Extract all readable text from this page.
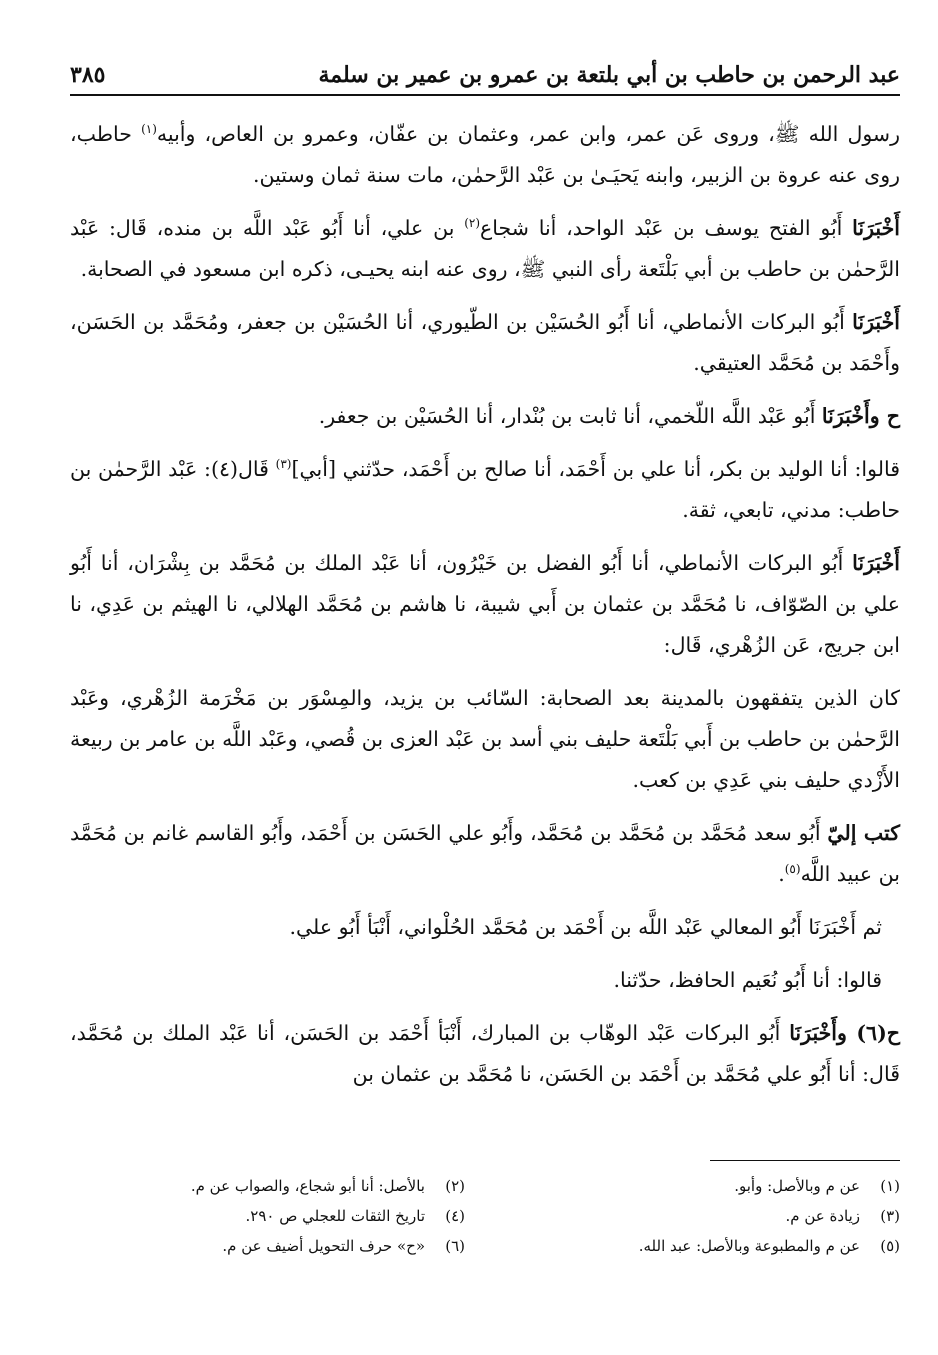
عبد الرحمن بن حاطب بن أبي بلتعة بن عمرو بن عمير بن سلمة
٣٨٥

رسول الله ﷺ، وروى عَن عمر، وابن عمر، وعثمان بن عفّان، وعمرو بن العاص، وأبيه$^{(١)}$ حاطب، روى عنه عروة بن الزبير، وابنه يَحيَـىٰ بن عَبْد الرَّحمٰن، مات سنة ثمان وستين.

أَخْبَرَنَا أَبُو الفتح يوسف بن عَبْد الواحد، أنا شجاع$^{(٢)}$ بن علي، أنا أَبُو عَبْد اللَّه بن منده، قَال: عَبْد الرَّحمٰن بن حاطب بن أبي بَلْتَعة رأى النبي ﷺ، روى عنه ابنه يحيـى، ذكره ابن مسعود في الصحابة.

أَخْبَرَنَا أَبُو البركات الأنماطي، أنا أَبُو الحُسَيْن بن الطّيوري، أنا الحُسَيْن بن جعفر، ومُحَمَّد بن الحَسَن، وأَحْمَد بن مُحَمَّد العتيقي.

ح وأَخْبَرَنَا أَبُو عَبْد اللَّه اللّخمي، أنا ثابت بن بُنْدار، أنا الحُسَيْن بن جعفر.

قالوا: أنا الوليد بن بكر، أنا علي بن أَحْمَد، أنا صالح بن أَحْمَد، حدّثني [أبي]$^{(٣)}$ قَال(٤): عَبْد الرَّحمٰن بن حاطب: مدني، تابعي، ثقة.

أَخْبَرَنَا أَبُو البركات الأنماطي، أنا أَبُو الفضل بن خَيْرُون، أنا عَبْد الملك بن مُحَمَّد بن بِشْرَان، أنا أَبُو علي بن الصّوّاف، نا مُحَمَّد بن عثمان بن أَبي شيبة، نا هاشم بن مُحَمَّد الهلالي، نا الهيثم بن عَدِي، نا ابن جريج، عَن الزُهْري، قَال:

كان الذين يتفقهون بالمدينة بعد الصحابة: السّائب بن يزيد، والمِسْوَر بن مَخْرَمة الزُهْري، وعَبْد الرَّحمٰن بن حاطب بن أَبي بَلْتَعة حليف بني أسد بن عَبْد العزى بن قُصي، وعَبْد اللَّه بن عامر بن ربيعة الأَزْدي حليف بني عَدِي بن كعب.

كتب إليّ أَبُو سعد مُحَمَّد بن مُحَمَّد بن مُحَمَّد، وأَبُو علي الحَسَن بن أَحْمَد، وأَبُو القاسم غانم بن مُحَمَّد بن عبيد اللَّه$^{(٥)}$.

ثم أَخْبَرَنَا أَبُو المعالي عَبْد اللَّه بن أَحْمَد بن مُحَمَّد الحُلْواني، أَنْبَأ أَبُو علي.

قالوا: أنا أَبُو نُعَيم الحافظ، حدّثنا.

ح(٦) وأَخْبَرَنَا أَبُو البركات عَبْد الوهّاب بن المبارك، أَنْبَأ أَحْمَد بن الحَسَن، أنا عَبْد الملك بن مُحَمَّد، قَال: أنا أَبُو علي مُحَمَّد بن أَحْمَد بن الحَسَن، نا مُحَمَّد بن عثمان بن

(١)
عن م وبالأصل: وأبو.
(٢)
بالأصل: أنا أبو شجاع، والصواب عن م.
(٣)
زيادة عن م.
(٤)
تاريخ الثقات للعجلي ص ٢٩٠.
(٥)
عن م والمطبوعة وبالأصل: عبد الله.
(٦)
«ح» حرف التحويل أضيف عن م.
